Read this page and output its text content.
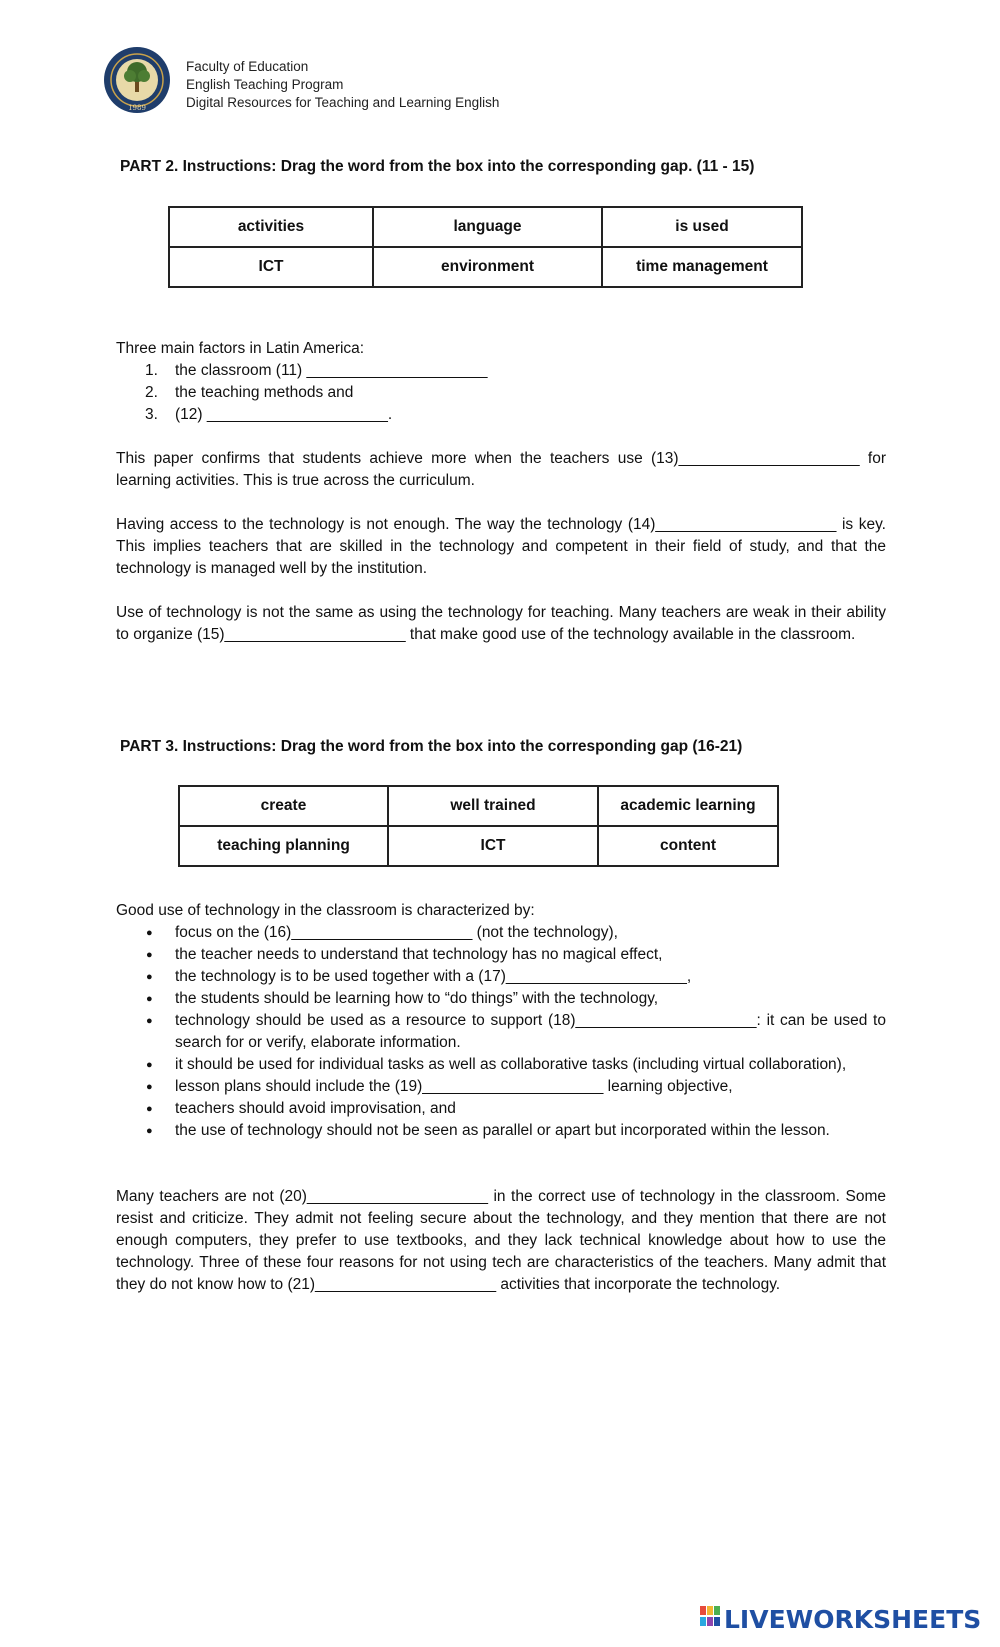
1989
Faculty of Education
English Teaching Program
Digital Resources for Teaching and Learning English
PART 2. Instructions: Drag the word from the box into the corresponding gap. (11 - 15)
activities	language	is used
ICT	environment	time management
Three main factors in Latin America:
1. the classroom (11) _____________________
2. the teaching methods and
3. (12) _____________________.
This paper confirms that students achieve more when the teachers use (13)_____________________ for learning activities. This is true across the curriculum.
Having access to the technology is not enough. The way the technology (14)_____________________ is key. This implies teachers that are skilled in the technology and competent in their field of study, and that the technology is managed well by the institution.
Use of technology is not the same as using the technology for teaching. Many teachers are weak in their ability to organize (15)_____________________ that make good use of the technology available in the classroom.
PART 3. Instructions: Drag the word from the box into the corresponding gap (16-21)
create	well trained	academic learning
teaching planning	ICT	content
Good use of technology in the classroom is characterized by:
● focus on the (16)_____________________ (not the technology),
● the teacher needs to understand that technology has no magical effect,
● the technology is to be used together with a (17)_____________________,
● the students should be learning how to “do things” with the technology,
● technology should be used as a resource to support (18)_____________________: it can be used to search for or verify, elaborate information.
● it should be used for individual tasks as well as collaborative tasks (including virtual collaboration),
● lesson plans should include the (19)_____________________ learning objective,
● teachers should avoid improvisation, and
● the use of technology should not be seen as parallel or apart but incorporated within the lesson.
Many teachers are not (20)_____________________ in the correct use of technology in the classroom. Some resist and criticize. They admit not feeling secure about the technology, and they mention that there are not enough computers, they prefer to use textbooks, and they lack technical knowledge about how to use the technology. Three of these four reasons for not using tech are characteristics of the teachers. Many admit that they do not know how to (21)_____________________ activities that incorporate the technology.
LIVEWORKSHEETS
